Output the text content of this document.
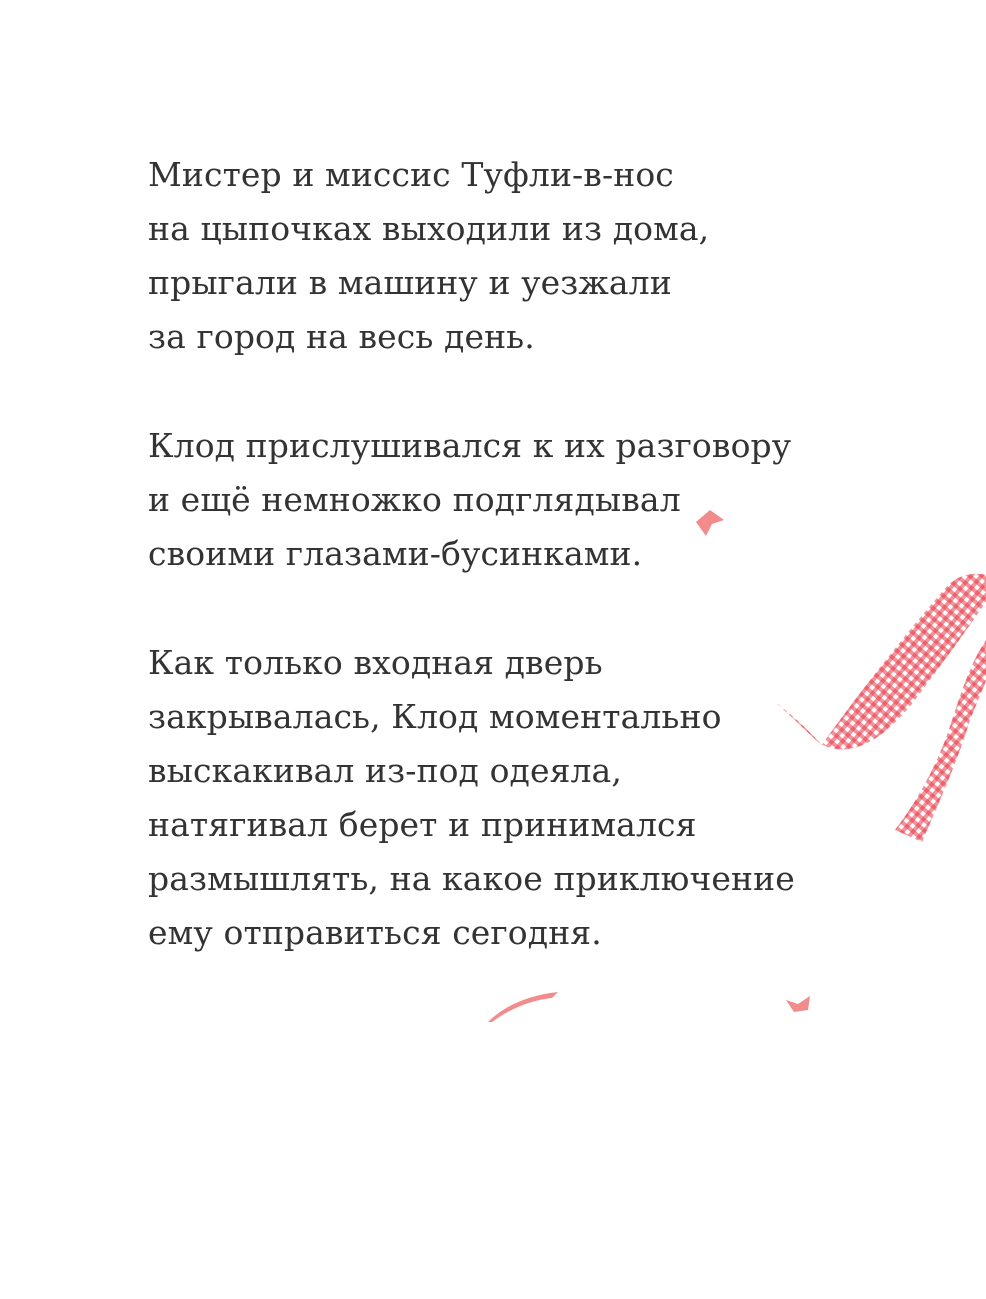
Мистер и миссис Туфли-в-нос
на цыпочках выходили из дома,
прыгали в машину и уезжали
за город на весь день.
Клод прислушивался к их разговору
и ещё немножко подглядывал
своими глазами-бусинками.
Как только входная дверь
закрывалась, Клод моментально
выскакивал из-под одеяла,
натягивал берет и принимался
размышлять, на какое приключение
ему отправиться сегодня.
